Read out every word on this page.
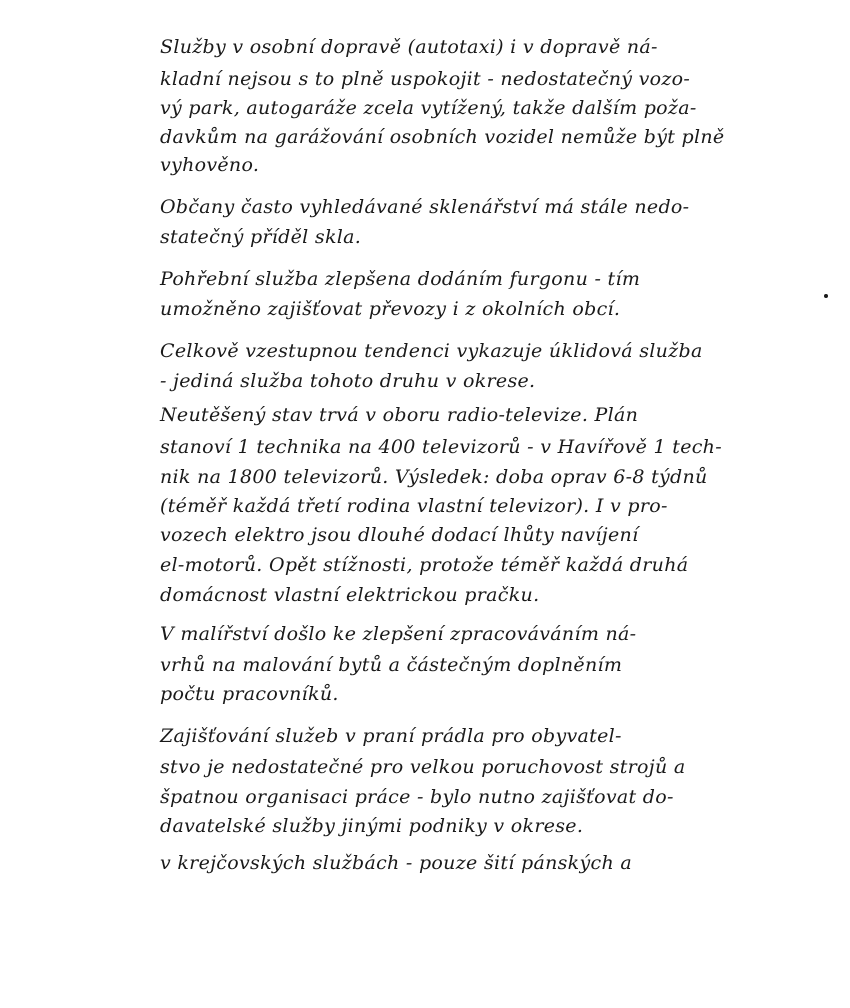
Služby v osobní dopravě (autotaxi) i v dopravě ná-
kladní nejsou s to plně uspokojit - nedostatečný vozo-
vý park, autogaráže zcela vytížený, takže dalším poža-
davkům na garážování osobních vozidel nemůže být plně
vyhověno.
Občany často vyhledávané sklenářství má stále nedo-
statečný příděl skla.
Pohřební služba zlepšena dodáním furgonu - tím
umožněno zajišťovat převozy i z okolních obcí.
Celkově vzestupnou tendenci vykazuje úklidová služba
- jediná služba tohoto druhu v okrese.
Neutěšený stav trvá v oboru radio-televize. Plán
stanoví 1 technika na 400 televizorů - v Havířově 1 tech-
nik na 1800 televizorů. Výsledek: doba oprav 6-8 týdnů
(téměř každá třetí rodina vlastní televizor). I v pro-
vozech elektro jsou dlouhé dodací lhůty navíjení
el-motorů. Opět stížnosti, protože téměř každá druhá
domácnost vlastní elektrickou pračku.
V malířství došlo ke zlepšení zpracováváním ná-
vrhů na malování bytů a částečným doplněním
počtu pracovníků.
Zajišťování služeb v praní prádla pro obyvatel-
stvo je nedostatečné pro velkou poruchovost strojů a
špatnou organisaci práce - bylo nutno zajišťovat do-
davatelské služby jinými podniky v okrese.
v krejčovských službách - pouze šití pánských a
